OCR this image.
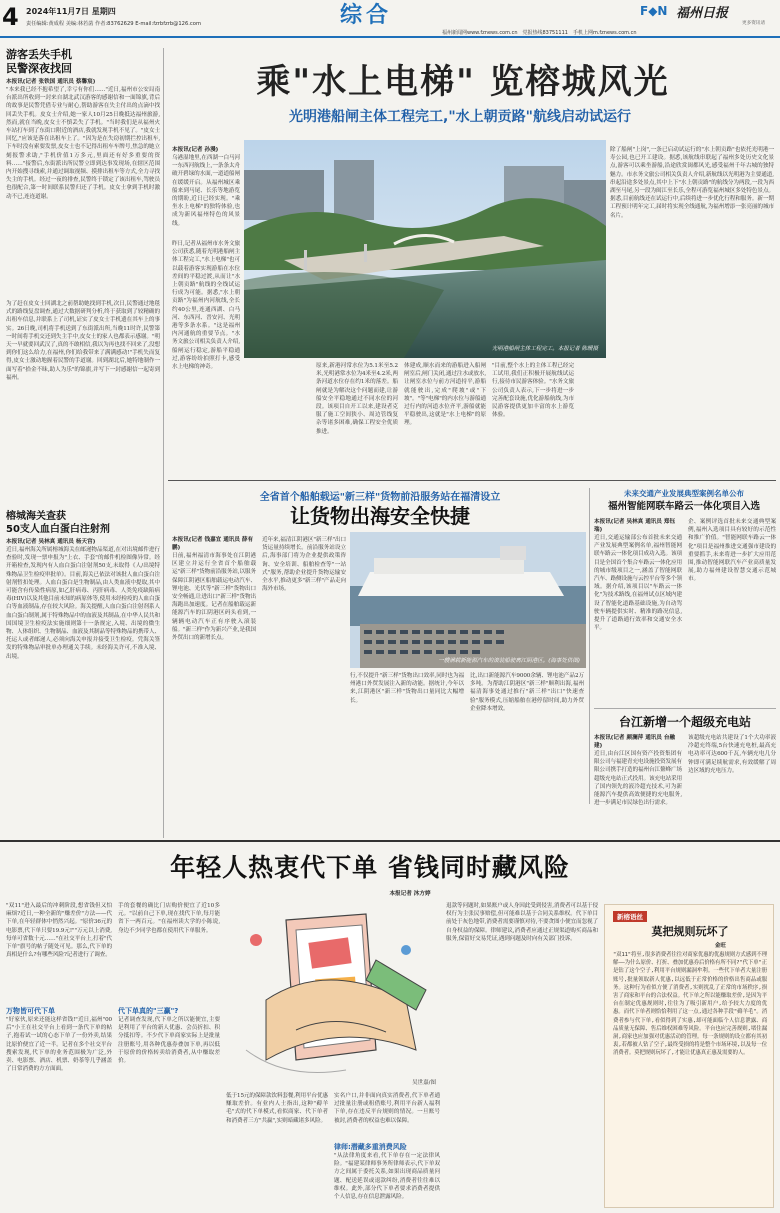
4 2024年11月7日 星期四
责任编辑:黄成程 美编:林若菡 作者:83762629 E-mail:fzrbfzrb@126.com	综合	F◆N 福州日报
福州新闻网www.fznews.com.cn　党报热线83751111　手机上网m.fznews.com.cn
更多资讯请
游客丢失手机
民警深夜找回
本报讯(记者 张铁国 通讯员 蔡馨宸)
"本来我已经不抱希望了,幸亏有你们……"近日,福州市公安局南台派出所收到一封来自湖北武汉游客的感谢信和一面锦旗,背后的故事是民警凭借专业与耐心,帮助游客在失主付出的点滴中找回丢失手机。皮女士介绍,她一家人10月25日晚抵达福州旅游,然而,就在当晚,皮女士不慎丢失了手机。"当时我们是从福州火车站打车到了东街口附近的酒店,我就发现手机不见了。"皮女士回忆,"应该是落在出租车上了。"因为是在失窃初期拦控出租车,下车时没有索要发票,皮女士也不记得出租车车牌号,焦急的她立刻报警求助,"手机价值1万多元,里面还有好多重要的资料……"接警后,东街派出所民警立即到达事发现场,在辖区范围内开始搜寻线索,并通过调取视频、摸排出租车等方式,全力寻找失主的手机。经过一夜的排查,民警终于锁定了该出租车,驾驶员也很配合,第一时间联系民警归还了手机。皮女士拿到手机时激动不已,连连道谢。
为了赶在皮女士回湖北之前帮助她找到手机,次日,民警通过地毯式的路线复盘调查,通过大数据研判分析,终于获取到了较精确的出租车信息,并联系上了司机,证实了皮女士手机遗在其车上的事实。26日晚,司机将手机送到了东街派出所,当晚11时许,民警第一时间将手机交还到失主手中,皮女士的家人也都表示感谢。"明天一早就要回武汉了,真的不敢相信,我以为再也找不回来了,没想到你们这么给力,在福州,你们给我带来了满满感动!"手机失而复得,皮女士激动地握着民警的手道谢。回到湖北后,她特地制作一面写着"拾金不昧,助人为乐"的锦旗,并写下一封感谢信一起寄到福州。
榕城海关查获
50支人血白蛋白注射剂
本报讯(记者 吴林真 通讯员 杨天宫)
近日,福州海关所属榕城海关在邮递物品渠道,在对出境邮件进行查验时,发现一票申报为"上衣、手套"的邮件机检图像异常。经开箱检查,发现内有人血白蛋白注射剂50支,未取得《人/出境特殊物品卫生检疫审批单》。目前,海关已依法对该批人血白蛋白注射剂暂扣处理。人血白蛋白是生物制品,由人类血液中提取,其中可能含有传染性病原,如乙肝病毒、丙肝病毒、人类免疫缺陷病毒(HIV)以及其他目前未知的病原体等,使用未经检疫的人血白蛋白等血液制品,存在较大风险。海关提醒,人血白蛋白注射剂系人血白蛋白制剂,属于特殊物品中的血液及其制品,在中华人民共和国国境卫生检疫法实施细则第十一条规定,入境、出境的微生物、人体组织、生物制品、血液及其制品等特殊物品的携带人、托运人或者邮递人,必须向海关申报并接受卫生检疫。凭海关签发的特殊物品审批单办理通关手续。未经海关许可,不准入境、出境。
乘"水上电梯" 览榕城风光
光明港船闸主体工程完工,"水上朝贡路"航线启动试运行
本报讯(记者 孙漫)
乌港湿地里,在西湖一白马河一东西河航线上,一条条太舟破开碧绿的水面,一道道船闸在缓缓开启。从福州城区乘船来到马尾、长乐等地游览的期盼,近日已经实现。"乘坐水上电梯"的独特体验,也成为新风福州特色的风景线。
昨日,记者从福州市水务文旅公司获悉,随着光明港船闸主体工程完工,"水上电梯"也可以载着游客实现游船在水位差间的平稳过渡,从而让"水上朝贡路"航线的全线试运行成为可能。据悉,"水上朝贡路"为福州内河航线,全长约40公里,连通西湖、白马河、东西河、晋安河、光明港等多条水系。"这是福州内河通航的重要节点。"水务文旅公司相关负责人介绍,船闸运行稳定,游船平稳通过,游客纷纷拍照打卡,感受水上电梯的神奇。
光明港船闸主体工程完工。本报记者 陈暖摄
原来,新港河常水位为5.1米至5.2米,光明港常水位为4米至4.2米,两条河道水位存在约1米的落差。船闸就是为解决这个问题而建,让游船安全平稳地通过不同水位的河段。该项目自开工以来,建设者克服了施工空间狭小、周边管线复杂等诸多困难,确保工程安全优质推进。
体建成,顺水而来的游船进入船闸闸室后,闸门关闭,通过注水或放水,让闸室水位与前方河道持平,游船就能驶出,完成"爬坡"或"下坡"。"等"电梯"的内水位与游船通过行内的河道水位齐平,游船就能平稳驶出,这就是"水上电梯"的原理。
"目前,整个水上的主体工程已经完工试用,我们正积极开展航线试运行,接待市民游客体验。"水务文旅公司负责人表示,下一步将进一步完善配套设施,优化游船航线,为市民游客提供更加丰富的水上游览体验。
除了船闸"上岗",一条已启动试运行的"水上朝贡路"也依托光明港一寿公园,也已开工建设。据悉,该航线串联起了福州多处历史文化景点,游客可以乘坐游船,沿途欣赏闽都风光,感受福州千年古城的独特魅力。市水务文旅公司相关负责人介绍,新航线以光明港为主要通道,串起沿途多处景点,其中上下"水上朝贡路"的航线分为两段,一段为西湖至马尾,另一段为闽江至长乐,全程可游览福州城区多处特色景点。据悉,目前航线还在试运行中,后续将进一步优化行程和服务。新一期工程预计明年完工,届时将实现全线通航,为福州增添一张亮丽的城市名片。
全省首个船舶载运"新三样"货物前沿服务站在福清设立
让货物出海安全快捷
本报讯(记者 钱嘉宜 通讯员 薛有鹏)
日前,福州福清市海事处在江阴港区建立并运行全省首个船舶载运"新三样"货物前沿服务站,以服务保障江阴港区船舶载运电动汽车、锂电池、光伏等"新三样"货物出口安全畅通,让进出口"新三样"货物出海跑出加速度。记者在船舶载运新能源汽车的江阴港区码头看到,一辆辆电动汽车正有序驶入滚装船。"新三样"作为新兴产业,是我国外贸出口的新增长点。
近年来,福清江阴港区"新三样"出口货运量持续增长。前沿服务站设立后,海事部门将为企业提供政策咨询、安全培训、船舶检查等"一站式"服务,帮助企业提升货物运输安全水平,推动更多"新三样"产品走向海外市场。
一艘满载新能源汽车的滚装船驶离江阴港区。(海事处供图)
行,不仅提升"新三样"货物出口效率,同时也为福州港口外贸发展注入新的动能。据统计,今年以来,江阴港区"新三样"货物出口量同比大幅增长。
比,出口新能源汽车9000余辆、锂电池产品2万多吨。为帮助江阴港区"新三样"顺利出海,福州福清海事处通过推行"新三样"出口"快速查验"服务模式,压缩船舶在港停留时间,助力外贸企业降本增效。
未来交通产业发展典型案例名单公布
福州智能网联车路云一体化项目入选
本报讯(记者 吴林真 通讯员 郑钰瑞)
近日,交通运输部公布首批未来交通产业发展典型案例名单,福州智能网联车路云一体化项目成功入选。该项目是全国首个集合车路云一体化应用的城市级项目之一,涵盖了智能网联汽车、路侧设施与云控平台等多个领域。据介绍,该项目以"车路云一体化"为技术路线,在福州试点区域内建设了智能化道路基础设施,为自动驾驶车辆提供实时、精准的路况信息,提升了道路通行效率和交通安全水平。
企、案例评选首批未来交通典型案例,福州入选项目具有较好的示范性和推广价值。"智能网联车路云一体化"项目是福州推进交通强市建设的重要抓手,未来将进一步扩大应用范围,推动智能网联汽车产业高质量发展,助力福州建设智慧交通示范城市。
台江新增一个超级充电站
本报讯(记者 颜澜萍 通讯员 台融建)
近日,由台江区国有资产投资集团有限公司与福建青充电设施投资发展有限公司携手打造的福州台江鳌峰广场超级充电站正式投用。该充电站采用了国内领先的液冷超充技术,可为新能源汽车提供高效便捷的充电服务,进一步满足市民绿色出行需求。
该超级充电站共建设了1个大功率液冷超充终端,5台快速充电桩,最高充电功率可达600千瓦,车辆充电几分钟即可满足续航需求,有效缓解了周边区域的充电压力。
年轻人热衷代下单 省钱同时藏风险
本报记者 沐方婷
"双11"进入最后的冲刺阶段,想省钱但又怕麻烦?近日,一种全新的"赚差价"方法——代下单,在年轻群体中悄然兴起。"原价36元的电影票,代下单只要19.9元!""万元以上消费,每单可省数十元……"在社交平台上,打着"代下单"旗号的帖子随处可见。那么,代下单的真相是什么?有哪些风险?记者进行了调查。
万物皆可代下单
"好家伙,原来还能这样省钱!"近日,福州"00后"小王在社交平台上看到一条代下单的帖子,抱着试一试的心态下单了一份外卖,结果比原价便宜了近一半。记者在多个社交平台搜索发现,代下单的业务范围极为广泛,外卖、电影票、酒店、机票、奶茶等几乎涵盖了日常消费的方方面面。
手的套餐的确比门店购价便宜了近10多元。"以前自己下单,现在找代下单,每月能省下一两百元。"在福州读大学的小陈说,身边不少同学也都在使用代下单服务。
代下单真的"三赢"?
记者调查发现,代下单之所以能便宜,主要是利用了平台的新人优惠、会员折扣、积分抵扣等。不少代下单商家实际上是批量注册账号,用各种优惠券叠加下单,再以低于原价的价格转卖给消费者,从中赚取差价。
吴世嘉/图
低于15元的保障款饮料套餐,利用平台优惠赚取差价。有业内人士指出,这种"薅羊毛"式的代下单模式,看似商家、代下单者和消费者三方"共赢",实则暗藏诸多风险。
实名户口,并非面向真实消费者,代下单者通过批量注册或租借账号,利用平台新人福利下单,存在违反平台规则的情况。一旦账号被封,消费者的权益也难以保障。
律师:潜藏多重消费风险
"从法律角度来看,代下单存在一定法律风险。"福建某律师事务所律师表示,代下单双方之间属于委托关系,如果出现商品质量问题、配送延误或退款纠纷,消费者往往难以维权。此外,部分代下单者要求消费者提供个人信息,存在信息泄露风险。
退款等问题时,如果账户或人身因此受到侵害,消费者可以基于侵权行为主张民事赔偿,但可能难以基于合同关系维权。代下单目前处于灰色地带,消费者需要谨慎对待,不要贪图小便宜而忽视了自身权益的保障。律师建议,消费者应通过正规渠道购买商品和服务,保留好交易凭证,遇到问题及时向有关部门投诉。
新榕语丝
莫把规则玩坏了
金旺
"双11"将至,很多消费者往往对商家优惠的优惠规则方式感到不理解——为什么原价、打折、叠加优惠券后价格有所不同?"代下单"正是钻了这个空子,利用平台规则漏洞牟利。一些代下单者大量注册账号,批量领取新人优惠,以远低于正常价格的价格出售商品或服务。这种行为看似方便了消费者,实则扰乱了正常的市场秩序,损害了商家和平台的合法权益。代下单之所以能赚取差价,是因为平台在制定优惠规则时,往往为了吸引新用户,给予较大力度的优惠。而代下单者则恰恰利用了这一点,通过各种手段"薅羊毛"。消费者参与代下单,看似得到了实惠,却可能面临个人信息泄露、商品质量无保障、售后维权困难等风险。平台也应完善规则,堵住漏洞,商家也应加强对优惠活动的管理。每一条规则的设立都有其初衷,若都被人钻了空子,最终受损的将是整个市场环境,以及每一位消费者。莫把规则玩坏了,才能让优惠真正惠及需要的人。
